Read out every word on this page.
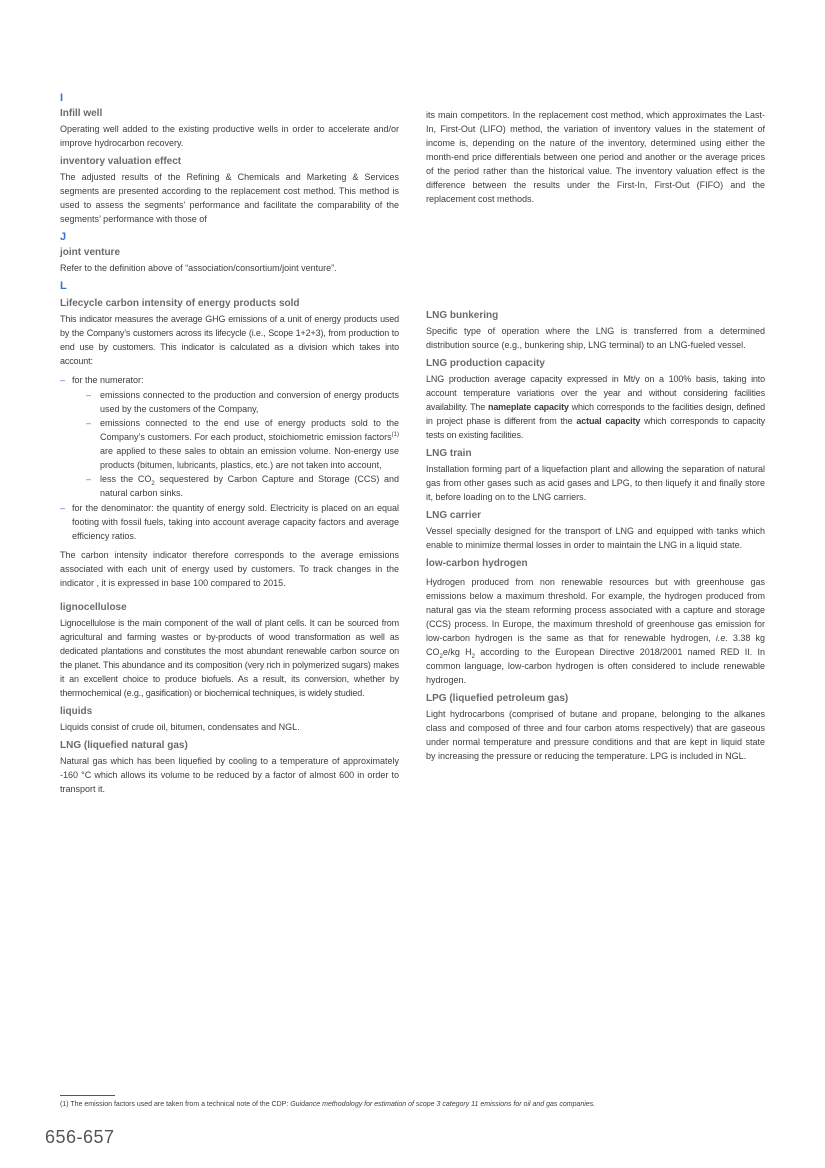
I
Infill well

Operating well added to the existing productive wells in order to accelerate and/or improve hydrocarbon recovery.

inventory valuation effect

The adjusted results of the Refining & Chemicals and Marketing & Services segments are presented according to the replacement cost method. This method is used to assess the segments’ performance and facilitate the comparability of the segments’ performance with those of

J
joint venture

Refer to the definition above of “association/consortium/joint venture”.

L
Lifecycle carbon intensity of energy products sold

This indicator measures the average GHG emissions of a unit of energy products used by the Company’s customers across its lifecycle (i.e., Scope 1+2+3), from production to end use by customers. This indicator is calculated as a division which takes into account:

– for the numerator:
– emissions connected to the production and conversion of energy products used by the customers of the Company,
– emissions connected to the end use of energy products sold to the Company’s customers. For each product, stoichiometric emission factors$^{(1)}$ are applied to these sales to obtain an emission volume. Non-energy use products (bitumen, lubricants, plastics, etc.) are not taken into account,
– less the $CO_2$ sequestered by Carbon Capture and Storage (CCS) and natural carbon sinks.
– for the denominator: the quantity of energy sold. Electricity is placed on an equal footing with fossil fuels, taking into account average capacity factors and average efficiency ratios.

The carbon intensity indicator therefore corresponds to the average emissions associated with each unit of energy used by customers. To track changes in the indicator , it is expressed in base 100 compared to 2015.

lignocellulose

Lignocellulose is the main component of the wall of plant cells. It can be sourced from agricultural and farming wastes or by-products of wood transformation as well as dedicated plantations and constitutes the most abundant renewable carbon source on the planet. This abundance and its composition (very rich in polymerized sugars) makes it an excellent choice to produce biofuels. As a result, its conversion, whether by thermochemical (e.g., gasification) or biochemical techniques, is widely studied.

liquids

Liquids consist of crude oil, bitumen, condensates and NGL.

LNG (liquefied natural gas)

Natural gas which has been liquefied by cooling to a temperature of approximately -160 °C which allows its volume to be reduced by a factor of almost 600 in order to transport it.

its main competitors. In the replacement cost method, which approximates the Last-In, First-Out (LIFO) method, the variation of inventory values in the statement of income is, depending on the nature of the inventory, determined using either the month-end price differentials between one period and another or the average prices of the period rather than the historical value. The inventory valuation effect is the difference between the results under the First-In, First-Out (FIFO) and the replacement cost methods.

LNG bunkering

Specific type of operation where the LNG is transferred from a determined distribution source (e.g., bunkering ship, LNG terminal) to an LNG-fueled vessel.

LNG production capacity

LNG production average capacity expressed in Mt/y on a 100% basis, taking into account temperature variations over the year and without considering facilities availability. The nameplate capacity which corresponds to the facilities design, defined in project phase is different from the actual capacity which corresponds to capacity tests on existing facilities.

LNG train

Installation forming part of a liquefaction plant and allowing the separation of natural gas from other gases such as acid gases and LPG, to then liquefy it and finally store it, before loading on to the LNG carriers.

LNG carrier

Vessel specially designed for the transport of LNG and equipped with tanks which enable to minimize thermal losses in order to maintain the LNG in a liquid state.

low-carbon hydrogen

Hydrogen produced from non renewable resources but with greenhouse gas emissions below a maximum threshold. For example, the hydrogen produced from natural gas via the steam reforming process associated with a capture and storage (CCS) process. In Europe, the maximum threshold of greenhouse gas emission for low-carbon hydrogen is the same as that for renewable hydrogen, i.e. 3.38 kg $CO_2e/kg$ $H_2$ according to the European Directive 2018/2001 named RED II. In common language, low-carbon hydrogen is often considered to include renewable hydrogen.

LPG (liquefied petroleum gas)

Light hydrocarbons (comprised of butane and propane, belonging to the alkanes class and composed of three and four carbon atoms respectively) that are gaseous under normal temperature and pressure conditions and that are kept in liquid state by increasing the pressure or reducing the temperature. LPG is included in NGL.

(1) The emission factors used are taken from a technical note of the CDP: Guidance methodology for estimation of scope 3 category 11 emissions for oil and gas companies.
656-657
